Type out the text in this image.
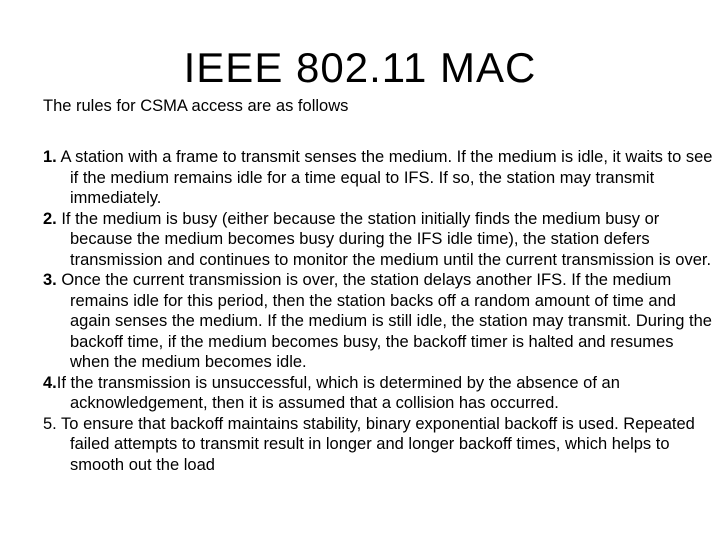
IEEE 802.11 MAC
The rules for CSMA access are as follows
1. A station with a frame to transmit senses the medium. If the medium is idle, it waits to see if the medium remains idle for a time equal to IFS. If so, the station may transmit immediately.
2. If the medium is busy (either because the station initially finds the medium busy or because the medium becomes busy during the IFS idle time), the station defers transmission and continues to monitor the medium until the current transmission is over.
3. Once the current transmission is over, the station delays another IFS. If the medium remains idle for this period, then the station backs off a random amount of time and again senses the medium. If the medium is still idle, the station may transmit. During the backoff time, if the medium becomes busy, the backoff timer is halted and resumes when the medium becomes idle.
4.If the transmission is unsuccessful, which is determined by the absence of an acknowledgement, then it is assumed that a collision has occurred.
5. To ensure that backoff maintains stability, binary exponential backoff is used. Repeated failed attempts to transmit result in longer and longer backoff times, which helps to smooth out the load
